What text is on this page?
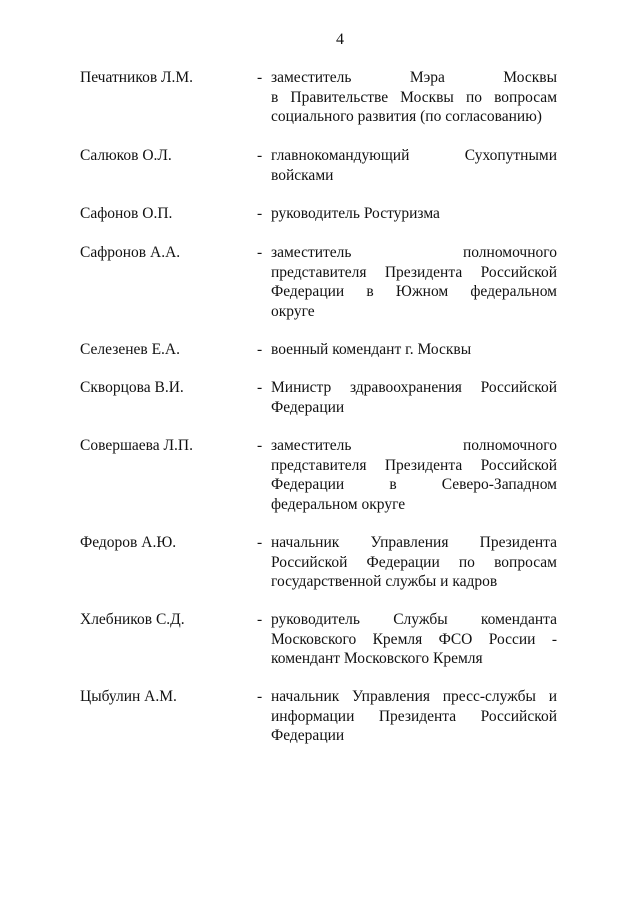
4
Печатников Л.М.	- заместитель Мэра Москвы
в Правительстве Москвы по вопросам
социального развития (по согласованию)
Салюков О.Л.	- главнокомандующий Сухопутными
войсками
Сафонов О.П.	- руководитель Ростуризма
Сафронов А.А.	- заместитель полномочного
представителя Президента Российской
Федерации в Южном федеральном
округе
Селезенев Е.А.	- военный комендант г. Москвы
Скворцова В.И.	- Министр здравоохранения Российской
Федерации
Совершаева Л.П.	- заместитель полномочного
представителя Президента Российской
Федерации в Северо-Западном
федеральном округе
Федоров А.Ю.	- начальник Управления Президента
Российской Федерации по вопросам
государственной службы и кадров
Хлебников С.Д.	- руководитель Службы коменданта
Московского Кремля ФСО России -
комендант Московского Кремля
Цыбулин А.М.	- начальник Управления пресс-службы и
информации Президента Российской
Федерации
